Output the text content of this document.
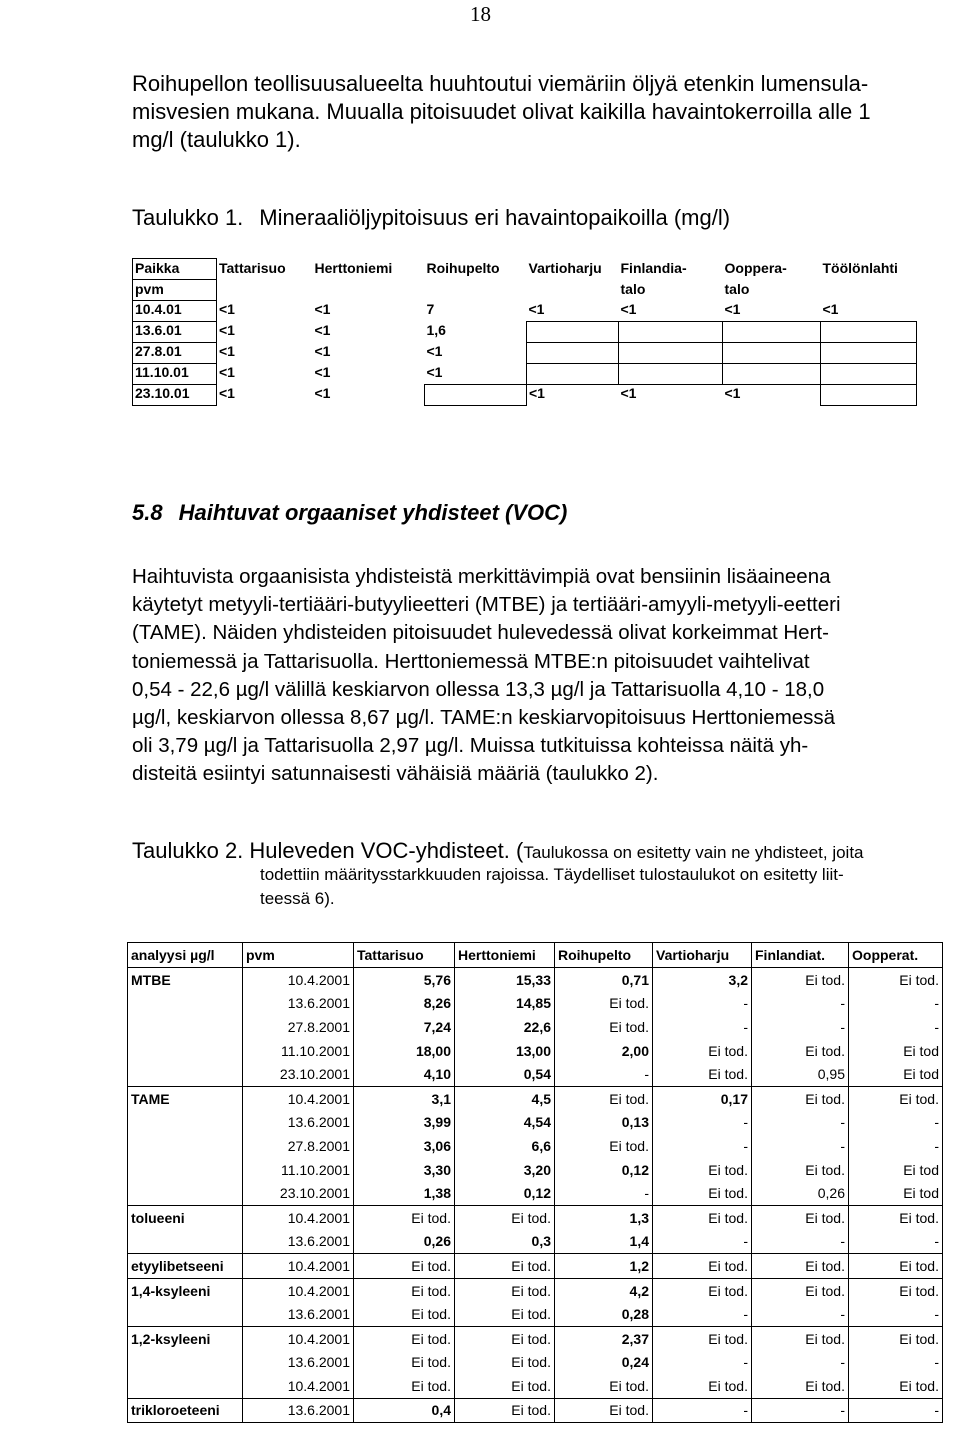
18
Roihupellon teollisuusalueelta huuhtoutui viemäriin öljyä etenkin lumensula-
misvesien mukana. Muualla pitoisuudet olivat kaikilla havaintokerroilla alle 1
mg/l (taulukko 1).
Taulukko 1. Mineraaliöljypitoisuus eri havaintopaikoilla (mg/l)
Paikka	Tattarisuo	Herttoniemi	Roihupelto	Vartioharju	Finlandia-	Ooppera-	Töölönlahti
pvm					talo	talo	
10.4.01	<1	<1	7	<1	<1	<1	<1
13.6.01	<1	<1	1,6				
27.8.01	<1	<1	<1				
11.10.01	<1	<1	<1				
23.10.01	<1	<1		<1	<1	<1	
5.8 Haihtuvat orgaaniset yhdisteet (VOC)
Haihtuvista orgaanisista yhdisteistä merkittävimpiä ovat bensiinin lisäaineena
käytetyt metyyli-tertiääri-butyylieetteri (MTBE) ja tertiääri-amyyli-metyyli-eetteri
(TAME). Näiden yhdisteiden pitoisuudet hulevedessä olivat korkeimmat Hert-
toniemessä ja Tattarisuolla. Herttoniemessä MTBE:n pitoisuudet vaihtelivat
0,54 - 22,6 µg/l välillä keskiarvon ollessa 13,3 µg/l ja Tattarisuolla 4,10 - 18,0
µg/l, keskiarvon ollessa 8,67 µg/l. TAME:n keskiarvopitoisuus Herttoniemessä
oli 3,79 µg/l ja Tattarisuolla 2,97 µg/l. Muissa tutkituissa kohteissa näitä yh-
disteitä esiintyi satunnaisesti vähäisiä määriä (taulukko 2).
Taulukko 2. Huleveden VOC-yhdisteet. (Taulukossa on esitetty vain ne yhdisteet, joita
todettiin määritysstarkkuuden rajoissa. Täydelliset tulostaulukot on esitetty liit-
teessä 6).
analyysi µg/l	pvm	Tattarisuo	Herttoniemi	Roihupelto	Vartioharju	Finlandiat.	Oopperat.
MTBE	10.4.2001	5,76	15,33	0,71	3,2	Ei tod.	Ei tod.
	13.6.2001	8,26	14,85	Ei tod.	-	-	-
	27.8.2001	7,24	22,6	Ei tod.	-	-	-
	11.10.2001	18,00	13,00	2,00	Ei tod.	Ei tod.	Ei tod
	23.10.2001	4,10	0,54	-	Ei tod.	0,95	Ei tod
TAME	10.4.2001	3,1	4,5	Ei tod.	0,17	Ei tod.	Ei tod.
	13.6.2001	3,99	4,54	0,13	-	-	-
	27.8.2001	3,06	6,6	Ei tod.	-	-	-
	11.10.2001	3,30	3,20	0,12	Ei tod.	Ei tod.	Ei tod
	23.10.2001	1,38	0,12	-	Ei tod.	0,26	Ei tod
tolueeni	10.4.2001	Ei tod.	Ei tod.	1,3	Ei tod.	Ei tod.	Ei tod.
	13.6.2001	0,26	0,3	1,4	-	-	-
etyylibetseeni	10.4.2001	Ei tod.	Ei tod.	1,2	Ei tod.	Ei tod.	Ei tod.
1,4-ksyleeni	10.4.2001	Ei tod.	Ei tod.	4,2	Ei tod.	Ei tod.	Ei tod.
	13.6.2001	Ei tod.	Ei tod.	0,28	-	-	-
1,2-ksyleeni	10.4.2001	Ei tod.	Ei tod.	2,37	Ei tod.	Ei tod.	Ei tod.
	13.6.2001	Ei tod.	Ei tod.	0,24	-	-	-
	10.4.2001	Ei tod.	Ei tod.	Ei tod.	Ei tod.	Ei tod.	Ei tod.
trikloroeteeni	13.6.2001	0,4	Ei tod.	Ei tod.	-	-	-
